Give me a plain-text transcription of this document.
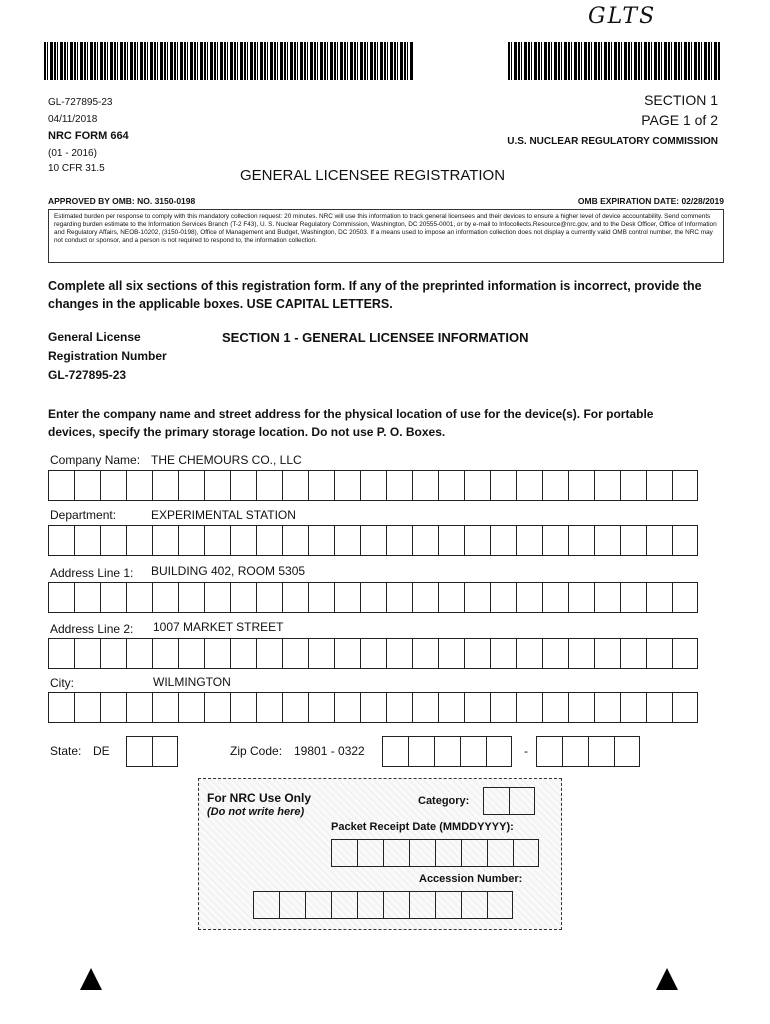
GLTS
GL-727895-23
04/11/2018
NRC FORM 664
(01 - 2016)
10 CFR 31.5
SECTION 1
PAGE 1 of 2
U.S. NUCLEAR REGULATORY COMMISSION
GENERAL LICENSEE REGISTRATION
APPROVED BY OMB: NO. 3150-0198	OMB EXPIRATION DATE: 02/28/2019
Estimated burden per response to comply with this mandatory collection request: 20 minutes. NRC will use this information to track general licensees and their devices to ensure a higher level of device accountability. Send comments regarding burden estimate to the Information Services Branch (T-2 F43), U. S. Nuclear Regulatory Commission, Washington, DC 20555-0001, or by e-mail to Infocollects.Resource@nrc.gov, and to the Desk Officer, Office of Information and Regulatory Affairs, NEOB-10202, (3150-0198), Office of Management and Budget, Washington, DC 20503. If a means used to impose an information collection does not display a currently valid OMB control number, the NRC may not conduct or sponsor, and a person is not required to respond to, the information collection.
Complete all six sections of this registration form. If any of the preprinted information is incorrect, provide the changes in the applicable boxes. USE CAPITAL LETTERS.
General License
Registration Number
GL-727895-23
SECTION 1 - GENERAL LICENSEE INFORMATION
Enter the company name and street address for the physical location of use for the device(s). For portable devices, specify the primary storage location. Do not use P. O. Boxes.
Company Name: THE CHEMOURS CO., LLC
Department:	EXPERIMENTAL STATION
Address Line 1: BUILDING 402, ROOM 5305
Address Line 2: 1007 MARKET STREET
City:	WILMINGTON
State: DE	Zip Code: 19801 - 0322	-
For NRC Use Only
(Do not write here)
Category:
Packet Receipt Date (MMDDYYYY):
Accession Number:
